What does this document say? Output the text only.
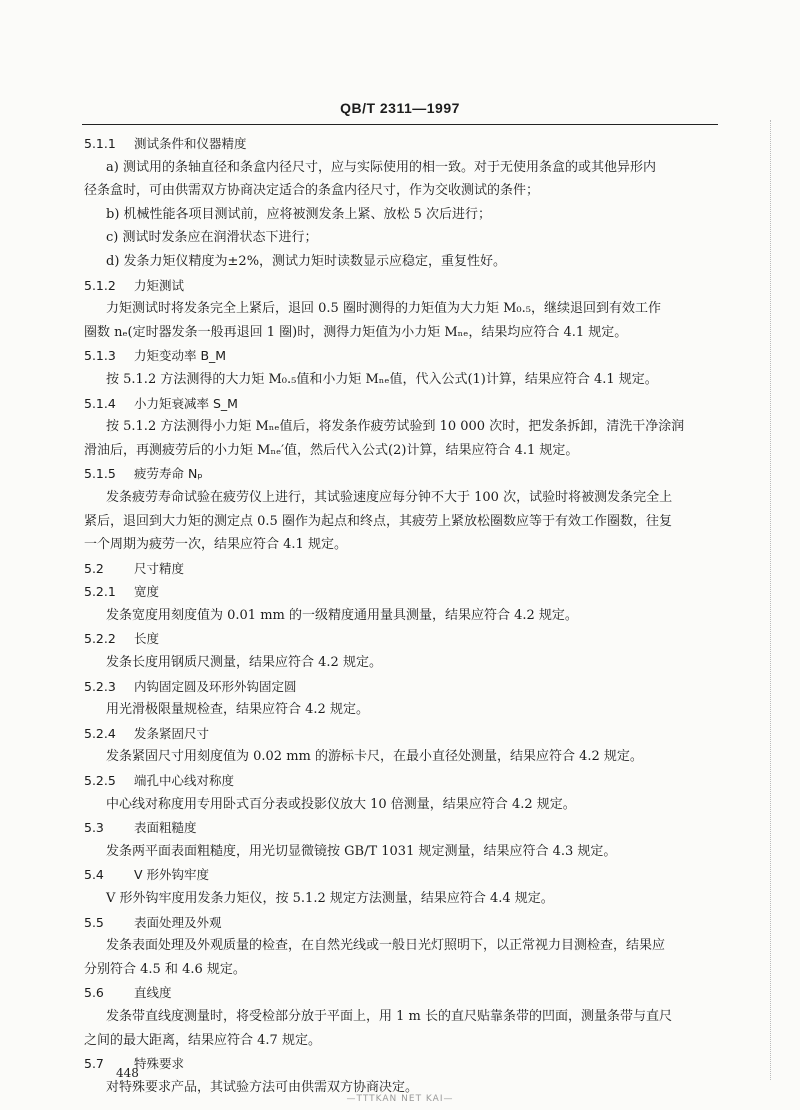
QB/T 2311—1997
5.1.1 测试条件和仪器精度
a) 测试用的条轴直径和条盒内径尺寸，应与实际使用的相一致。对于无使用条盒的或其他异形内
径条盒时，可由供需双方协商决定适合的条盒内径尺寸，作为交收测试的条件；
b) 机械性能各项目测试前，应将被测发条上紧、放松 5 次后进行；
c) 测试时发条应在润滑状态下进行；
d) 发条力矩仪精度为±2%，测试力矩时读数显示应稳定，重复性好。
5.1.2 力矩测试
力矩测试时将发条完全上紧后，退回 0.5 圈时测得的力矩值为大力矩 M₀.₅，继续退回到有效工作
圈数 nₑ(定时器发条一般再退回 1 圈)时，测得力矩值为小力矩 Mₙₑ，结果均应符合 4.1 规定。
5.1.3 力矩变动率 B_M
按 5.1.2 方法测得的大力矩 M₀.₅值和小力矩 Mₙₑ值，代入公式(1)计算，结果应符合 4.1 规定。
5.1.4 小力矩衰减率 S_M
按 5.1.2 方法测得小力矩 Mₙₑ值后，将发条作疲劳试验到 10 000 次时，把发条拆卸，清洗干净涂润
滑油后，再测疲劳后的小力矩 Mₙₑ′值，然后代入公式(2)计算，结果应符合 4.1 规定。
5.1.5 疲劳寿命 Nₚ
发条疲劳寿命试验在疲劳仪上进行，其试验速度应每分钟不大于 100 次，试验时将被测发条完全上
紧后，退回到大力矩的测定点 0.5 圈作为起点和终点，其疲劳上紧放松圈数应等于有效工作圈数，往复
一个周期为疲劳一次，结果应符合 4.1 规定。
5.2 尺寸精度
5.2.1 宽度
发条宽度用刻度值为 0.01 mm 的一级精度通用量具测量，结果应符合 4.2 规定。
5.2.2 长度
发条长度用钢质尺测量，结果应符合 4.2 规定。
5.2.3 内钩固定圆及环形外钩固定圆
用光滑极限量规检查，结果应符合 4.2 规定。
5.2.4 发条紧固尺寸
发条紧固尺寸用刻度值为 0.02 mm 的游标卡尺，在最小直径处测量，结果应符合 4.2 规定。
5.2.5 端孔中心线对称度
中心线对称度用专用卧式百分表或投影仪放大 10 倍测量，结果应符合 4.2 规定。
5.3 表面粗糙度
发条两平面表面粗糙度，用光切显微镜按 GB/T 1031 规定测量，结果应符合 4.3 规定。
5.4 V 形外钩牢度
V 形外钩牢度用发条力矩仪，按 5.1.2 规定方法测量，结果应符合 4.4 规定。
5.5 表面处理及外观
发条表面处理及外观质量的检查，在自然光线或一般日光灯照明下，以正常视力目测检查，结果应
分别符合 4.5 和 4.6 规定。
5.6 直线度
发条带直线度测量时，将受检部分放于平面上，用 1 m 长的直尺贴靠条带的凹面，测量条带与直尺
之间的最大距离，结果应符合 4.7 规定。
5.7 特殊要求
对特殊要求产品，其试验方法可由供需双方协商决定。
448
—TTTKAN NET KAI—
